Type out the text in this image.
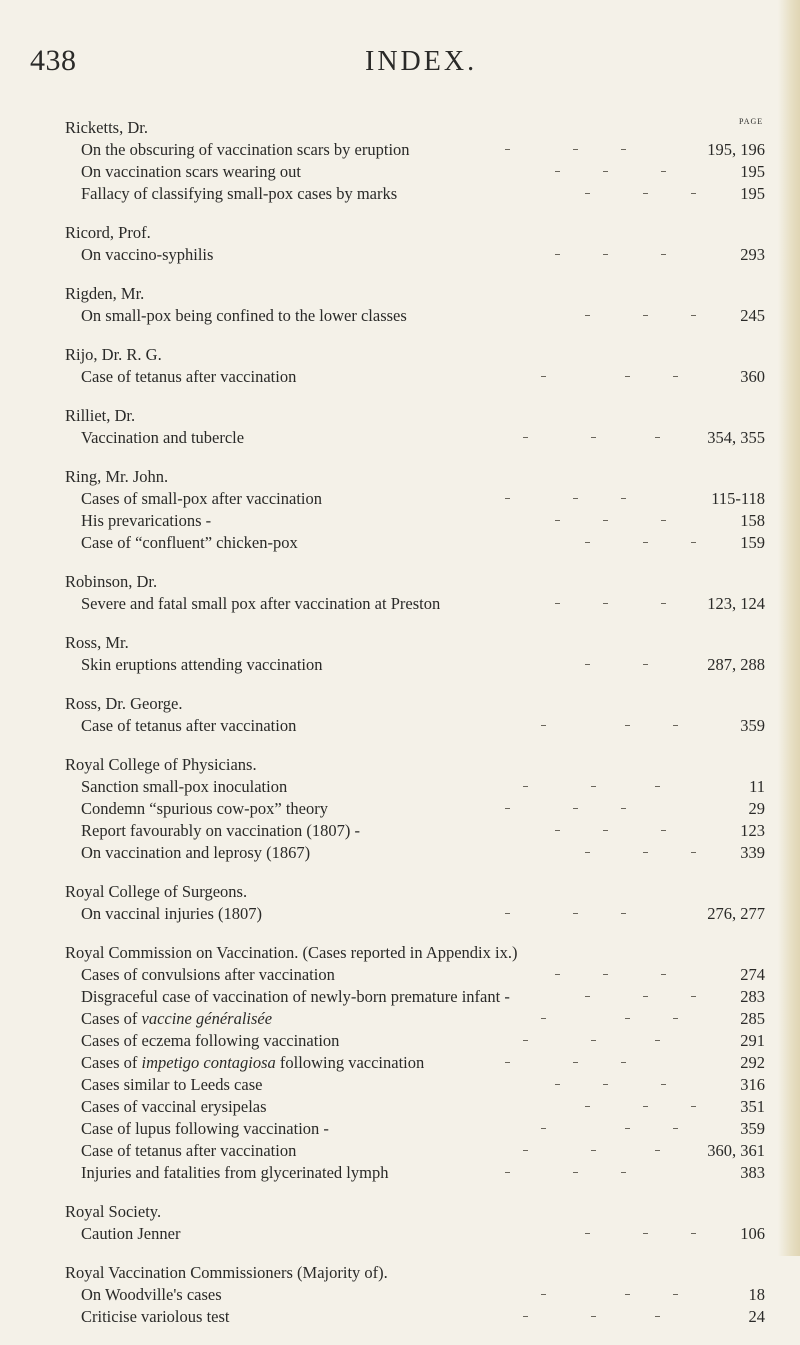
438	INDEX.
PAGE
Ricketts, Dr.
On the obscuring of vaccination scars by eruption	195, 196
On vaccination scars wearing out	195
Fallacy of classifying small-pox cases by marks	195
Ricord, Prof.
On vaccino-syphilis	293
Rigden, Mr.
On small-pox being confined to the lower classes	245
Rijo, Dr. R. G.
Case of tetanus after vaccination	360
Rilliet, Dr.
Vaccination and tubercle	354, 355
Ring, Mr. John.
Cases of small-pox after vaccination	115-118
His prevarications -	158
Case of “confluent” chicken-pox	159
Robinson, Dr.
Severe and fatal small pox after vaccination at Preston	123, 124
Ross, Mr.
Skin eruptions attending vaccination	287, 288
Ross, Dr. George.
Case of tetanus after vaccination	359
Royal College of Physicians.
Sanction small-pox inoculation	11
Condemn “spurious cow-pox” theory	29
Report favourably on vaccination (1807) -	123
On vaccination and leprosy (1867)	339
Royal College of Surgeons.
On vaccinal injuries (1807)	276, 277
Royal Commission on Vaccination. (Cases reported in Appendix ix.)
Cases of convulsions after vaccination	274
Disgraceful case of vaccination of newly-born premature infant -	283
Cases of vaccine généralisée	285
Cases of eczema following vaccination	291
Cases of impetigo contagiosa following vaccination	292
Cases similar to Leeds case	316
Cases of vaccinal erysipelas	351
Case of lupus following vaccination -	359
Case of tetanus after vaccination	360, 361
Injuries and fatalities from glycerinated lymph	383
Royal Society.
Caution Jenner	106
Royal Vaccination Commissioners (Majority of).
On Woodville's cases	18
Criticise variolous test	24
